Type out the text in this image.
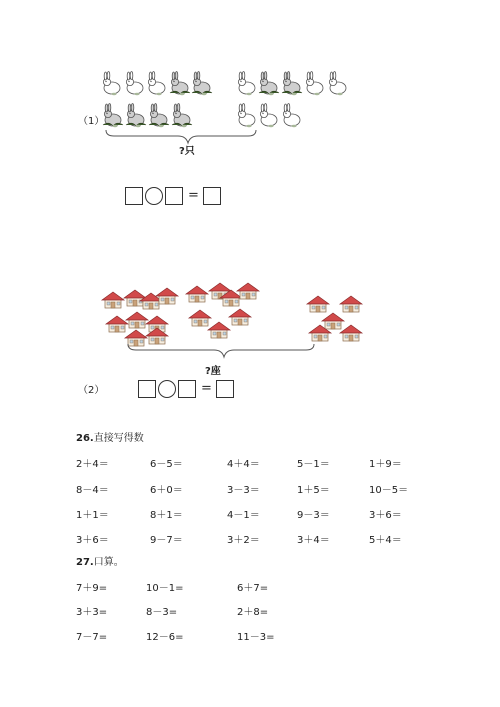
（1）
?只
=
?座
（2）	=
26.直接写得数
2＋4＝	6－5＝	4＋4＝	5－1＝	1＋9＝
8－4＝	6＋0＝	3－3＝	1＋5＝	10－5＝
1＋1＝	8＋1＝	4－1＝	9－3＝	3＋6＝
3＋6＝	9－7＝	3＋2＝	3＋4＝	5＋4＝
27.口算。
7＋9=	10－1=	6＋7=
3＋3=	8－3=	2＋8=
7－7=	12－6=	11－3=
